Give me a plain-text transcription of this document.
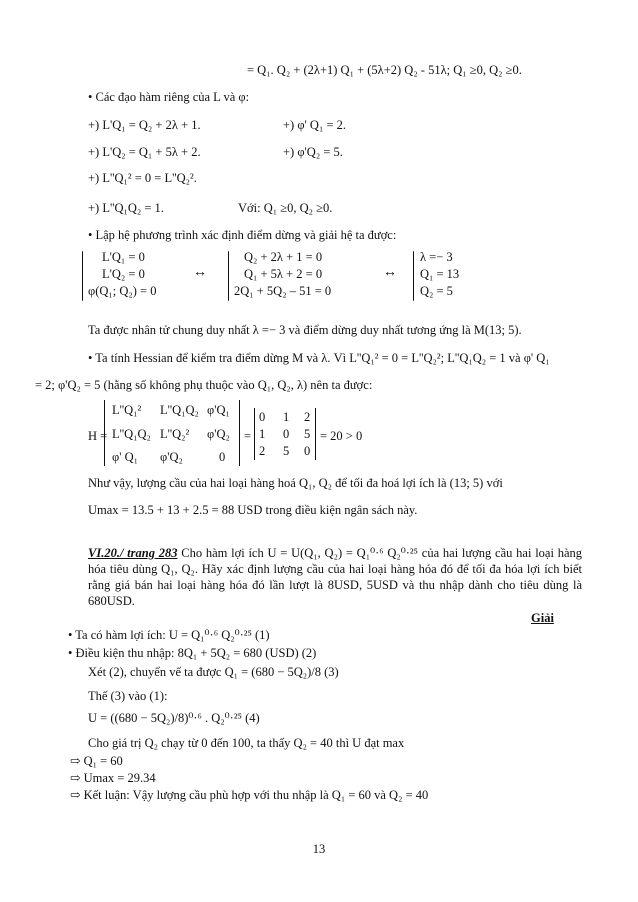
= Q₁. Q₂ + (2λ+1) Q₁ + (5λ+2) Q₂ - 51λ; Q₁ ≥0, Q₂ ≥0.
• Các đạo hàm riêng của L và φ:
+) L'Q₁ = Q₂ + 2λ + 1.	+) φ' Q₁ = 2.
+) L'Q₂ = Q₁ + 5λ + 2.	+) φ'Q₂ = 5.
+) L''Q₁² = 0 = L''Q₂².
+) L''Q₁Q₂ = 1.	Với: Q₁ ≥0, Q₂ ≥0.
• Lập hệ phương trình xác định điểm dừng và giải hệ ta được:
L'Q₁ = 0
L'Q₂ = 0
φ(Q₁; Q₂) = 0
↔
Q₂ + 2λ + 1 = 0
Q₁ + 5λ + 2 = 0
2Q₁ + 5Q₂ – 51 = 0
↔
λ =− 3
Q₁ = 13
Q₂ = 5
Ta được nhân tử chung duy nhất λ =− 3 và điểm dừng duy nhất tương ứng là M(13; 5).
• Ta tính Hessian để kiểm tra điểm dừng M và λ. Vì L''Q₁² = 0 = L''Q₂²; L''Q₁Q₂ = 1 và φ' Q₁
= 2; φ'Q₂ = 5 (hằng số không phụ thuộc vào Q₁, Q₂, λ) nên ta được:
H =
L''Q₁² L''Q₁Q₂ φ'Q₁
L''Q₁Q₂ L''Q₂² φ'Q₂
φ' Q₁ φ'Q₂	0
=
0 1 2
1 0 5
2 5 0
= 20 > 0
Như vậy, lượng cầu của hai loại hàng hoá Q₁, Q₂ để tối đa hoá lợi ích là (13; 5) với
Umax = 13.5 + 13 + 2.5 = 88 USD trong điều kiện ngân sách này.
VI.20./ trang 283 Cho hàm lợi ích U = U(Q₁, Q₂) = Q₁⁰·⁶ Q₂⁰·²⁵ của hai lượng cầu hai loại hàng hóa tiêu dùng Q₁, Q₂. Hãy xác định lượng cầu của hai loại hàng hóa đó để tối đa hóa lợi ích biết rằng giá bán hai loại hàng hóa đó lần lượt là 8USD, 5USD và thu nhập dành cho tiêu dùng là 680USD.
Giải
• Ta có hàm lợi ích: U = Q₁⁰·⁶ Q₂⁰·²⁵ (1)
• Điều kiện thu nhập: 8Q₁ + 5Q₂ = 680 (USD) (2)
Xét (2), chuyển vế ta được Q₁ = (680 − 5Q₂)/8 (3)
Thế (3) vào (1):
U = ((680 − 5Q₂)/8)⁰·⁶ . Q₂⁰·²⁵ (4)
Cho giá trị Q₂ chạy từ 0 đến 100, ta thấy Q₂ = 40 thì U đạt max
⇨ Q₁ = 60
⇨ Umax = 29.34
⇨ Kết luận: Vậy lượng cầu phù hợp với thu nhập là Q₁ = 60 và Q₂ = 40
13
